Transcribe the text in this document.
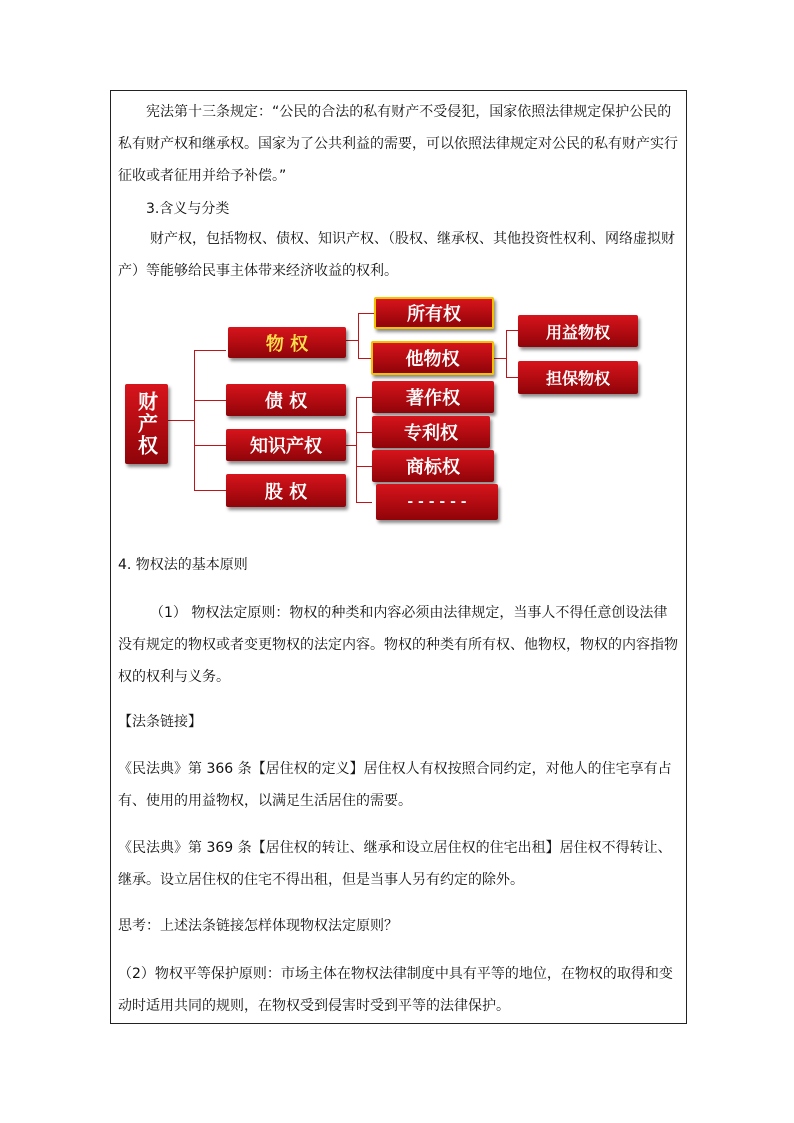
宪法第十三条规定：“公民的合法的私有财产不受侵犯，国家依照法律规定保护公民的私有财产权和继承权。国家为了公共利益的需要，可以依照法律规定对公民的私有财产实行征收或者征用并给予补偿。”
3.含义与分类
财产权，包括物权、债权、知识产权、（股权、继承权、其他投资性权利、网络虚拟财产）等能够给民事主体带来经济收益的权利。
财产权
物 权
债 权
知识产权
股 权
所有权
他物权
用益物权
担保物权
著作权
专利权
商标权
- - - - - -
4. 物权法的基本原则
（1） 物权法定原则：物权的种类和内容必须由法律规定，当事人不得任意创设法律没有规定的物权或者变更物权的法定内容。物权的种类有所有权、他物权，物权的内容指物权的权利与义务。
【法条链接】
《民法典》第 366 条【居住权的定义】居住权人有权按照合同约定，对他人的住宅享有占有、使用的用益物权，以满足生活居住的需要。
《民法典》第 369 条【居住权的转让、继承和设立居住权的住宅出租】居住权不得转让、继承。设立居住权的住宅不得出租，但是当事人另有约定的除外。
思考：上述法条链接怎样体现物权法定原则？
（2）物权平等保护原则：市场主体在物权法律制度中具有平等的地位，在物权的取得和变动时适用共同的规则，在物权受到侵害时受到平等的法律保护。
